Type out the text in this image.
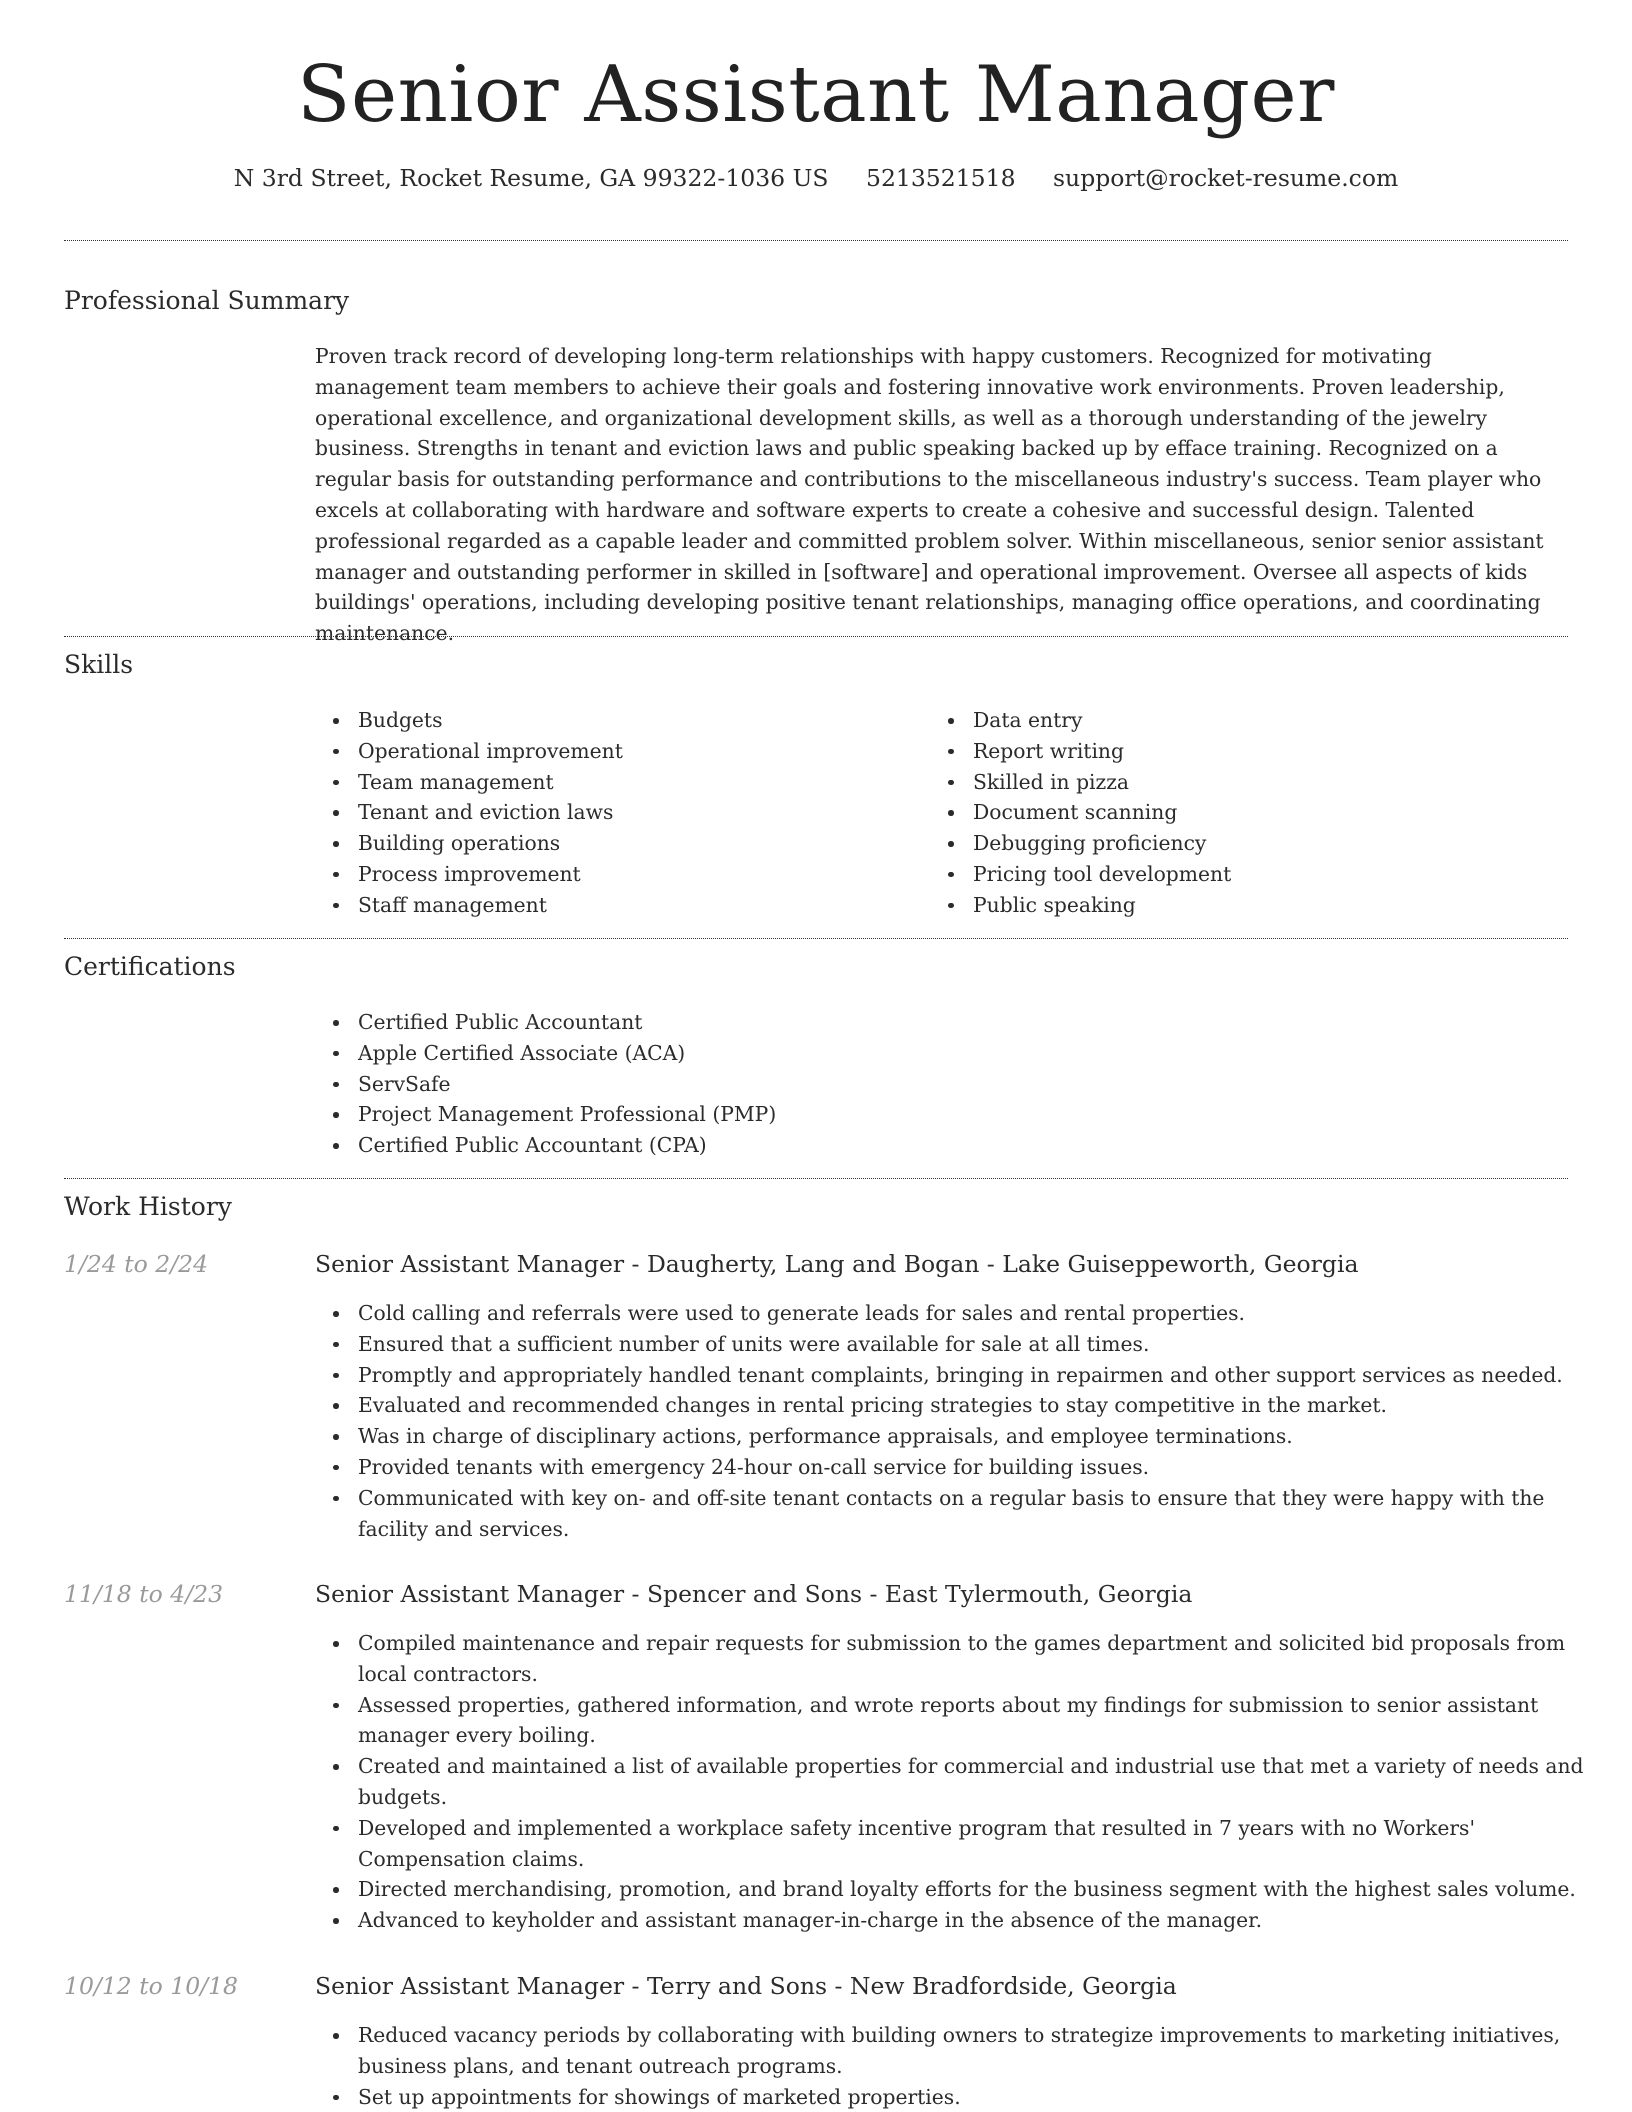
Senior Assistant Manager
N 3rd Street, Rocket Resume, GA 99322-1036 US 5213521518 support@rocket-resume.com
Professional Summary

Proven track record of developing long-term relationships with happy customers. Recognized for motivating management team members to achieve their goals and fostering innovative work environments. Proven leadership, operational excellence, and organizational development skills, as well as a thorough understanding of the jewelry business. Strengths in tenant and eviction laws and public speaking backed up by efface training. Recognized on a regular basis for outstanding performance and contributions to the miscellaneous industry's success. Team player who excels at collaborating with hardware and software experts to create a cohesive and successful design. Talented professional regarded as a capable leader and committed problem solver. Within miscellaneous, senior senior assistant manager and outstanding performer in skilled in [software] and operational improvement. Oversee all aspects of kids buildings' operations, including developing positive tenant relationships, managing office operations, and coordinating maintenance.

Skills
Budgets
Operational improvement
Team management
Tenant and eviction laws
Building operations
Process improvement
Staff management
Data entry
Report writing
Skilled in pizza
Document scanning
Debugging proficiency
Pricing tool development
Public speaking
Certifications
Certified Public Accountant
Apple Certified Associate (ACA)
ServSafe
Project Management Professional (PMP)
Certified Public Accountant (CPA)
Work History
1/24 to 2/24	Senior Assistant Manager - Daugherty, Lang and Bogan - Lake Guiseppeworth, Georgia
Cold calling and referrals were used to generate leads for sales and rental properties.
Ensured that a sufficient number of units were available for sale at all times.
Promptly and appropriately handled tenant complaints, bringing in repairmen and other support services as needed.
Evaluated and recommended changes in rental pricing strategies to stay competitive in the market.
Was in charge of disciplinary actions, performance appraisals, and employee terminations.
Provided tenants with emergency 24-hour on-call service for building issues.
Communicated with key on- and off-site tenant contacts on a regular basis to ensure that they were happy with the facility and services.
11/18 to 4/23	Senior Assistant Manager - Spencer and Sons - East Tylermouth, Georgia
Compiled maintenance and repair requests for submission to the games department and solicited bid proposals from local contractors.
Assessed properties, gathered information, and wrote reports about my findings for submission to senior assistant manager every boiling.
Created and maintained a list of available properties for commercial and industrial use that met a variety of needs and budgets.
Developed and implemented a workplace safety incentive program that resulted in 7 years with no Workers' Compensation claims.
Directed merchandising, promotion, and brand loyalty efforts for the business segment with the highest sales volume.
Advanced to keyholder and assistant manager-in-charge in the absence of the manager.
10/12 to 10/18	Senior Assistant Manager - Terry and Sons - New Bradfordside, Georgia
Reduced vacancy periods by collaborating with building owners to strategize improvements to marketing initiatives, business plans, and tenant outreach programs.
Set up appointments for showings of marketed properties.
